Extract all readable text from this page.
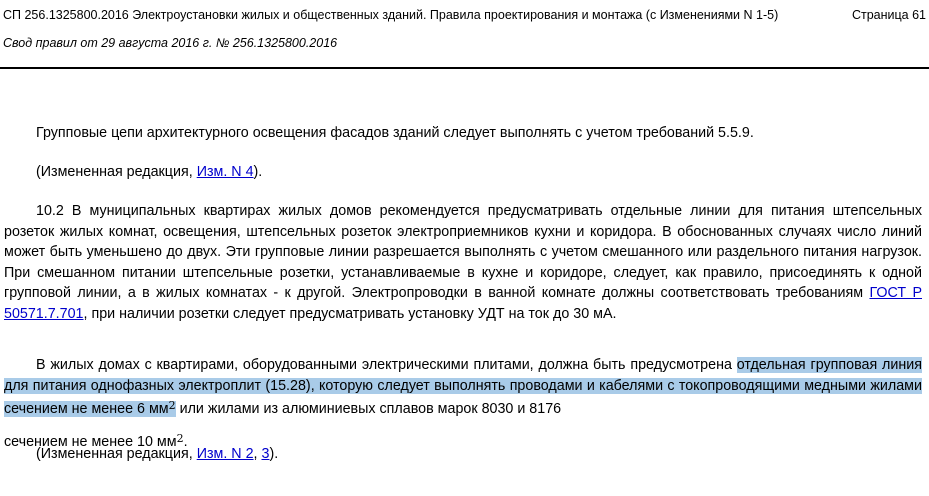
СП 256.1325800.2016 Электроустановки жилых и общественных зданий. Правила проектирования и монтажа (с Изменениями N 1-5)	Страница 61
Свод правил от 29 августа 2016 г. № 256.1325800.2016
Групповые цепи архитектурного освещения фасадов зданий следует выполнять с учетом требований 5.5.9.
(Измененная редакция, Изм. N 4).
10.2 В муниципальных квартирах жилых домов рекомендуется предусматривать отдельные линии для питания штепсельных розеток жилых комнат, освещения, штепсельных розеток электроприемников кухни и коридора. В обоснованных случаях число линий может быть уменьшено до двух. Эти групповые линии разрешается выполнять с учетом смешанного или раздельного питания нагрузок. При смешанном питании штепсельные розетки, устанавливаемые в кухне и коридоре, следует, как правило, присоединять к одной групповой линии, а в жилых комнатах - к другой. Электропроводки в ванной комнате должны соответствовать требованиям ГОСТ Р 50571.7.701, при наличии розетки следует предусматривать установку УДТ на ток до 30 мА.
В жилых домах с квартирами, оборудованными электрическими плитами, должна быть предусмотрена отдельная групповая линия для питания однофазных электроплит (15.28), которую следует выполнять проводами и кабелями с токопроводящими медными жилами сечением не менее 6 $мм^2$ или жилами из алюминиевых сплавов марок 8030 и 8176
сечением не менее 10 $мм^2$.
(Измененная редакция, Изм. N 2, 3).
